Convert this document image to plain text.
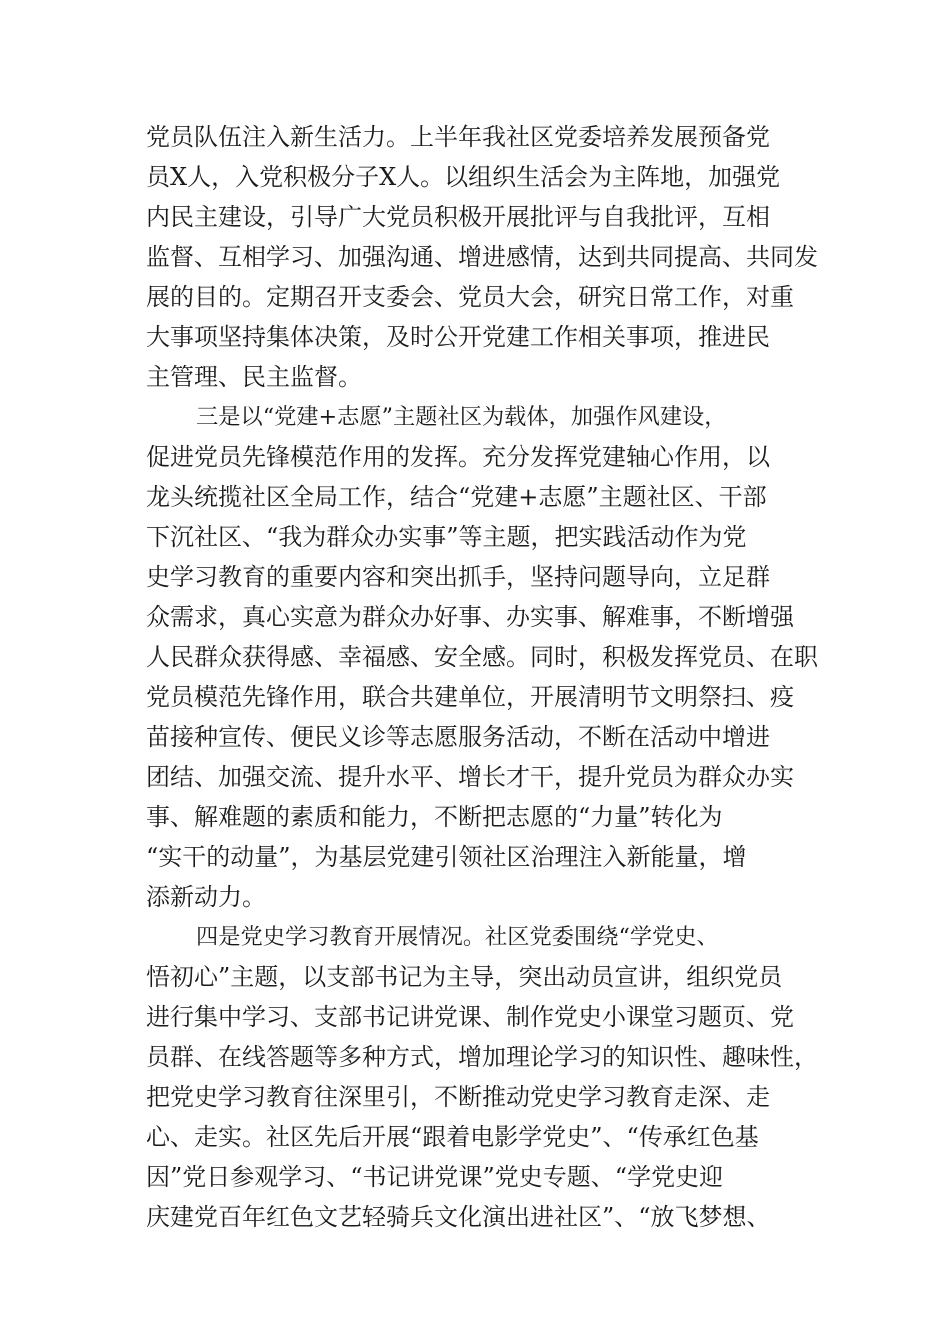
党员队伍注入新生活力。上半年我社区党委培养发展预备党
员X人，入党积极分子X人。以组织生活会为主阵地，加强党
内民主建设，引导广大党员积极开展批评与自我批评，互相
监督、互相学习、加强沟通、增进感情，达到共同提高、共同发
展的目的。定期召开支委会、党员大会，研究日常工作，对重
大事项坚持集体决策，及时公开党建工作相关事项，推进民
主管理、民主监督。
三是以“党建+志愿”主题社区为载体，加强作风建设，
促进党员先锋模范作用的发挥。充分发挥党建轴心作用，以
龙头统揽社区全局工作，结合“党建+志愿”主题社区、干部
下沉社区、“我为群众办实事”等主题，把实践活动作为党
史学习教育的重要内容和突出抓手，坚持问题导向，立足群
众需求，真心实意为群众办好事、办实事、解难事，不断增强
人民群众获得感、幸福感、安全感。同时，积极发挥党员、在职
党员模范先锋作用，联合共建单位，开展清明节文明祭扫、疫
苗接种宣传、便民义诊等志愿服务活动，不断在活动中增进
团结、加强交流、提升水平、增长才干，提升党员为群众办实
事、解难题的素质和能力，不断把志愿的“力量”转化为
“实干的动量”，为基层党建引领社区治理注入新能量，增
添新动力。
四是党史学习教育开展情况。社区党委围绕“学党史、
悟初心”主题，以支部书记为主导，突出动员宣讲，组织党员
进行集中学习、支部书记讲党课、制作党史小课堂习题页、党
员群、在线答题等多种方式，增加理论学习的知识性、趣味性，
把党史学习教育往深里引，不断推动党史学习教育走深、走
心、走实。社区先后开展“跟着电影学党史”、“传承红色基
因”党日参观学习、“书记讲党课”党史专题、“学党史迎
庆建党百年红色文艺轻骑兵文化演出进社区”、“放飞梦想、
